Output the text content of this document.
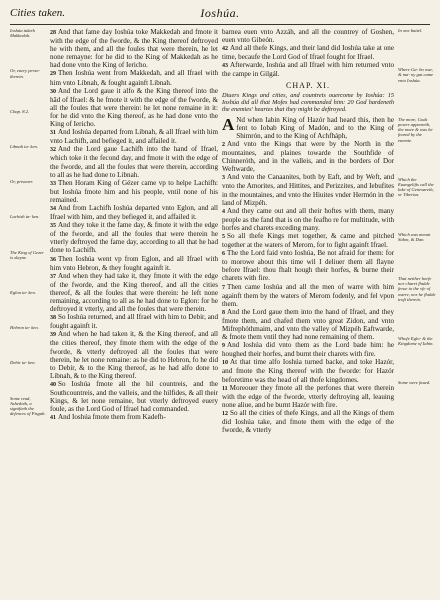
Cities taken.	Ioshúa.
Ioshúa taketh Makkedah.
Or, euery perso- therein.
Chap. 8.2.
Libnah ta- ken.
Or, prisoner.
Lachish ta- ken.
The King of Gezer is slayne.
Eglon ta- ken.
Hebron ta- ken.
Debir ta- ken.
Some read, Ashedoth, a signifieth the defences of Pisgah.

28 And that fame day Ioshúa toke Makkedah and fmote it with the edge of the fworde, & the King thereof deftroyed he with them, and all the foules that were therein, he let none remayne: for he did to the King of Makkedah as he had done vnto the King of Iericho.

29 Then Ioshúa went from Makkedah, and all Ifrael with him vnto Libnah, & fought againft Libnah.

30 And the Lord gaue it alfo & the King thereof into the hād of Ifrael: & he fmote it with the edge of the fworde, & all the foules that were therein: he let none remaine in it: for he did vnto the King thereof, as he had done vnto the King of Iericho.

31 And Ioshúa departed from Libnah, & all Ifrael with him vnto Lachifh, and befieged it, and affailed it.

32 And the Lord gaue Lachifh into the hand of Ifrael, which toke it the fecond day, and fmote it with the edge of the fworde, and all the foules that were therein, according to all as he had done to Libnah.

33 Then Horam King of Gézer came vp to helpe Lachifh: but Ioshúa fmote him and his people, vntil none of his remained.

34 And from Lachifh Ioshúa departed vnto Eglon, and all Ifrael with him, and they befieged it, and affailed it.

35 And they toke it the fame day, & fmote it with the edge of the fworde, and all the foules that were therein he vtterly deftroyed the fame day, according to all that he had done to Lachifh.

36 Then Ioshúa went vp from Eglon, and all Ifrael with him vnto Hebron, & they fought againft it.

37 And when they had take it, they fmote it with the edge of the fworde, and the King thereof, and all the cities thereof, & all the foules that were therein: he left none remaining, according to all as he had done to Eglon: for he deftroyed it vtterly, and all the foules that were therein.

38 So Ioshúa returned, and all Ifrael with him to Debir, and fought againft it.

39 And when he had taken it, & the King thereof, and all the cities thereof, they fmote them with the edge of the fworde, & vtterly deftroyed all the foules that were therein, he let none remaine: as he did to Hebron, fo he did to Debir, & to the King thereof, as he had alfo done to Libnah, & to the King thereof.

40 So Ioshúa fmote all the hil countreis, and the Southcountreis, and the valleis, and the hilfides, & all their Kings, & let none remaine, but vtterly deftroyed euery foule, as the Lord God of Ifrael had commanded.

41 And Ioshúa fmote them from Kadefh-

barnea euen vnto Azzáh, and all the countrey of Goshen, euen vnto Gibeón.

42 And all thefe Kings, and their land did Ioshúa take at one time, becaufe the Lord God of Ifrael fought for Ifrael.

43 Afterwarde, Ioshúa and all Ifrael with him returned vnto the campe in Gilgál.

CHAP. XI.
Diuers Kings and cities, and countreis ouercome by Ioshúa: 15 Ioshúa did all that Mofes had commanded him: 20 God hardeneth the enemies' heartes that they might be deftroyed.

A Nd when Iabin King of Hazór had heard this, then he fent to Iobab King of Madón, and to the King of Shimrón, and to the King of Achfháph,

2 And vnto the Kings that were by the North in the mountaines, and plaines towarde the Southfide of Chinneróth, and in the valleis, and in the borders of Dor Weftwarde,

3 And vnto the Canaanites, both by Eaft, and by Weft, and vnto the Amorites, and Hittites, and Perizzites, and Iebufites in the mountaines, and vnto the Hiuites vnder Hermón in the land of Mizpéh.

4 And they came out and all their hoftes with them, many people as the fand that is on the feafho re for multitude, with horfes and charets exceding many.

5 So all thefe Kings met together, & came and pitched together at the waters of Merom, for to fight againft Ifrael.

6 The the Lord faid vnto Ioshúa, Be not afraid for them: for to morowe about this time wil I deliuer them all flayne before Ifrael: thou fhalt hough their horfes, & burne their charets with fire.

7 Then came Ioshúa and all the men of warre with him againft them by the waters of Merom fodenly, and fel vpon them.

8 And the Lord gaue them into the hand of Ifrael, and they fmote them, and chafed them vnto great Zidon, and vnto Mifrephóthmaim, and vnto the valley of Mizpéh Eaftwarde, & fmote them vntil they had none remaining of them.

9 And Ioshúa did vnto them as the Lord bade him: he houghed their horfes, and burnt their charets with fire.

10 At that time alfo Ioshúa turned backe, and toke Hazór, and fmote the King thereof with the fworde: for Hazór beforetime was the head of all thofe kingdomes.

11 Moreouer they fmote all the perfones that were therein with the edge of the fworde, vtterly deftroying all, leauing none aliue, and he burnt Hazór with fire.

12 So all the cities of thefe Kings, and all the Kings of them did Ioshúa take, and fmote them with the edge of the fworde, & vtterly

In one battel.
Where Ga- bo war, & ma- ny gat came vnto Ioshúa.
The more, Gods power appeareth, the more & was he feared by the enemie.
Which the Euangelifts call the lake of Genesareth, or Tiberias.
Which was meant Sidon, & Dan.
That neither horfe nor charet fhulde ferue to the vfe of warre, nor he fhulde truft therein.
Whofe Eglo- & the Kingdome of Iabin.
Some were faued.
